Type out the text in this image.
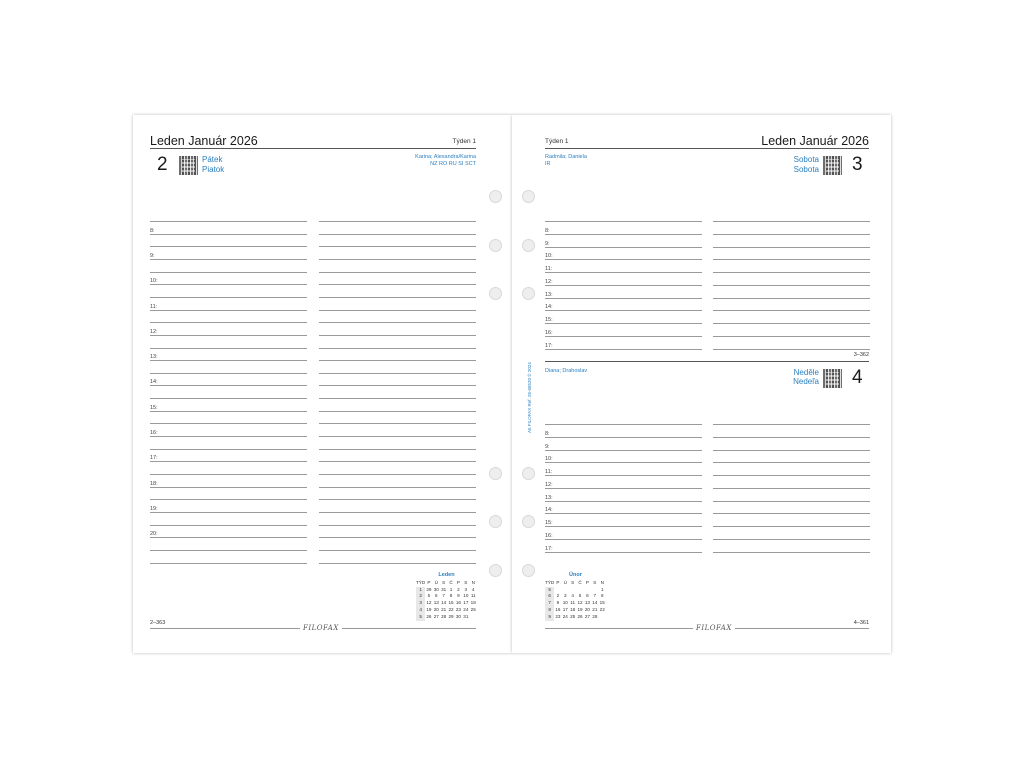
Leden Január 2026	Týden 1
2	Pátek
Piatok
Karina; Alexandra/Karina
NZ RO RU SI SCT
8:
9:
10:
11:
12:
13:
14:
15:
16:
17:
18:
19:
20:
Leden
TÝD	P	Ú	S	Č	P	S	N
1	29	30	31	1	2	3	4
2	5	6	7	8	9	10	11
3	12	13	14	15	16	17	18
4	19	20	21	22	23	24	25
5	26	27	28	29	30	31	
2–363
FILOFAX
A5 FILOFAX Ref. 26-68520 © 2024
Týden 1	Leden Január 2026
Radmila; Daniela
IR	Sobota
Sobota 3
8:
9:
10:
11:
12:
13:
14:
15:
16:
17:
3–362
Diana; Drahoslav	Neděle
Nedeľa 4
8:
9:
10:
11:
12:
13:
14:
15:
16:
17:
Únor
TÝD	P	Ú	S	Č	P	S	N
5							1
6	2	3	4	5	6	7	8
7	9	10	11	12	13	14	15
8	16	17	18	19	20	21	22
9	23	24	25	26	27	28	
FILOFAX
4–361
